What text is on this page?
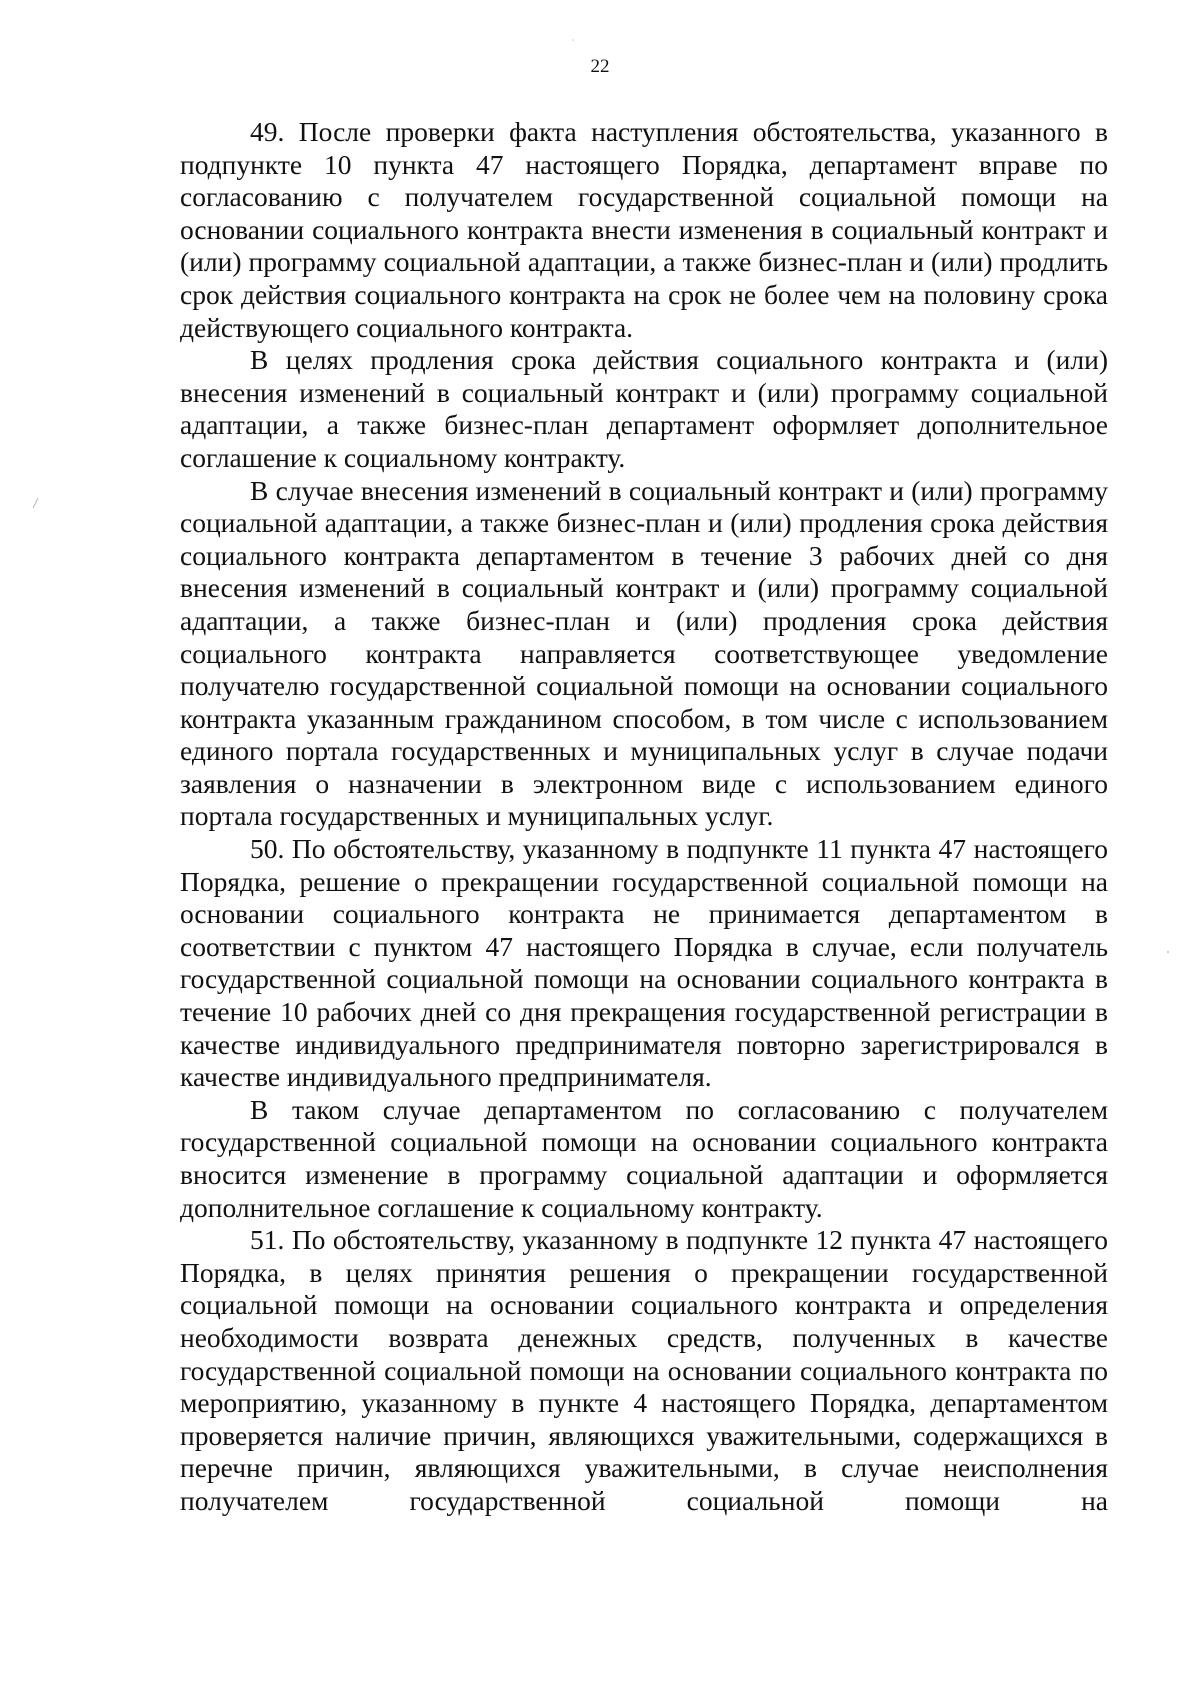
22

49. После проверки факта наступления обстоятельства, указанного в подпункте 10 пункта 47 настоящего Порядка, департамент вправе по согласованию с получателем государственной социальной помощи на основании социального контракта внести изменения в социальный контракт и (или) программу социальной адаптации, а также бизнес-план и (или) продлить срок действия социального контракта на срок не более чем на половину срока действующего социального контракта.

В целях продления срока действия социального контракта и (или) внесения изменений в социальный контракт и (или) программу социальной адаптации, а также бизнес-план департамент оформляет дополнительное соглашение к социальному контракту.

В случае внесения изменений в социальный контракт и (или) программу социальной адаптации, а также бизнес-план и (или) продления срока действия социального контракта департаментом в течение 3 рабочих дней со дня внесения изменений в социальный контракт и (или) программу социальной адаптации, а также бизнес-план и (или) продления срока действия социального контракта направляется соответствующее уведомление получателю государственной социальной помощи на основании социального контракта указанным гражданином способом, в том числе с использованием единого портала государственных и муниципальных услуг в случае подачи заявления о назначении в электронном виде с использованием единого портала государственных и муниципальных услуг.

50. По обстоятельству, указанному в подпункте 11 пункта 47 настоящего Порядка, решение о прекращении государственной социальной помощи на основании социального контракта не принимается департаментом в соответствии с пунктом 47 настоящего Порядка в случае, если получатель государственной социальной помощи на основании социального контракта в течение 10 рабочих дней со дня прекращения государственной регистрации в качестве индивидуального предпринимателя повторно зарегистрировался в качестве индивидуального предпринимателя.

В таком случае департаментом по согласованию с получателем государственной социальной помощи на основании социального контракта вносится изменение в программу социальной адаптации и оформляется дополнительное соглашение к социальному контракту.

51. По обстоятельству, указанному в подпункте 12 пункта 47 настоящего Порядка, в целях принятия решения о прекращении государственной социальной помощи на основании социального контракта и определения необходимости возврата денежных средств, полученных в качестве государственной социальной помощи на основании социального контракта по мероприятию, указанному в пункте 4 настоящего Порядка, департаментом проверяется наличие причин, являющихся уважительными, содержащихся в перечне причин, являющихся уважительными, в случае неисполнения получателем государственной социальной помощи на
